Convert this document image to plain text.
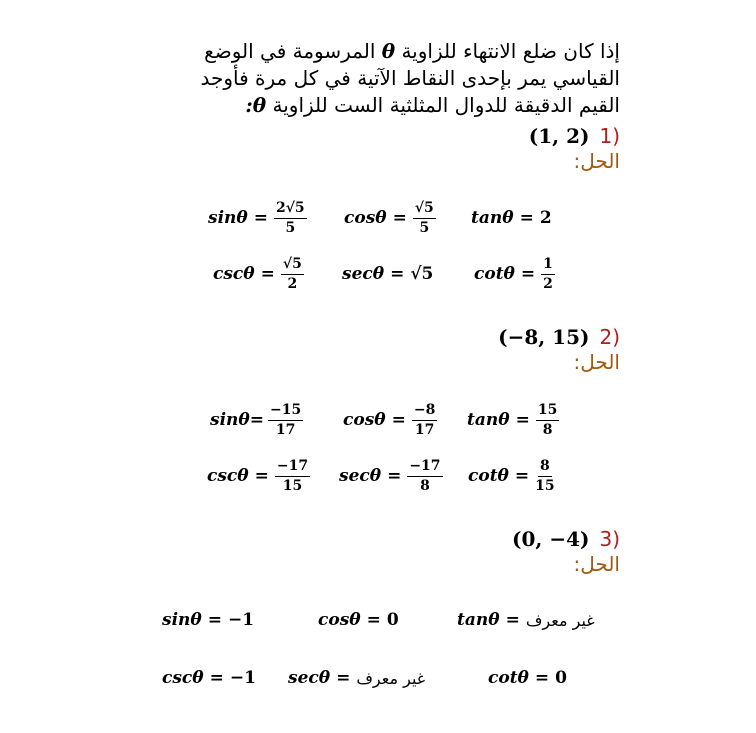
إذا كان ضلع الانتهاء للزاوية θ المرسومة في الوضع
القياسي يمر بإحدى النقاط الآتية في كل مرة فأوجد
القيم الدقيقة للدوال المثلثية الست للزاوية θ:
(1, 2) 1)
الحل:
$\sin\theta = \frac{2√5}{5}$ $\cos\theta = \frac{√5}{5}$ tanθ = 2
$\csc\theta = \frac{√5}{2}$ secθ = √5 $\cot\theta = \frac{1}{2}$
(−8, 15) 2)
الحل:
$\sin\theta = \frac{-15}{17}$ $\cos\theta = \frac{-8}{17}$ $\tan\theta = \frac{15}{8}$
$\csc\theta = \frac{-17}{15}$ $\sec\theta = \frac{-17}{8}$ $\cot\theta = \frac{8}{15}$
(0, −4) 3)
الحل:
sinθ = −1	cosθ = 0	tanθ = غير معرف
cscθ = −1 secθ = غير معرف	cotθ = 0
